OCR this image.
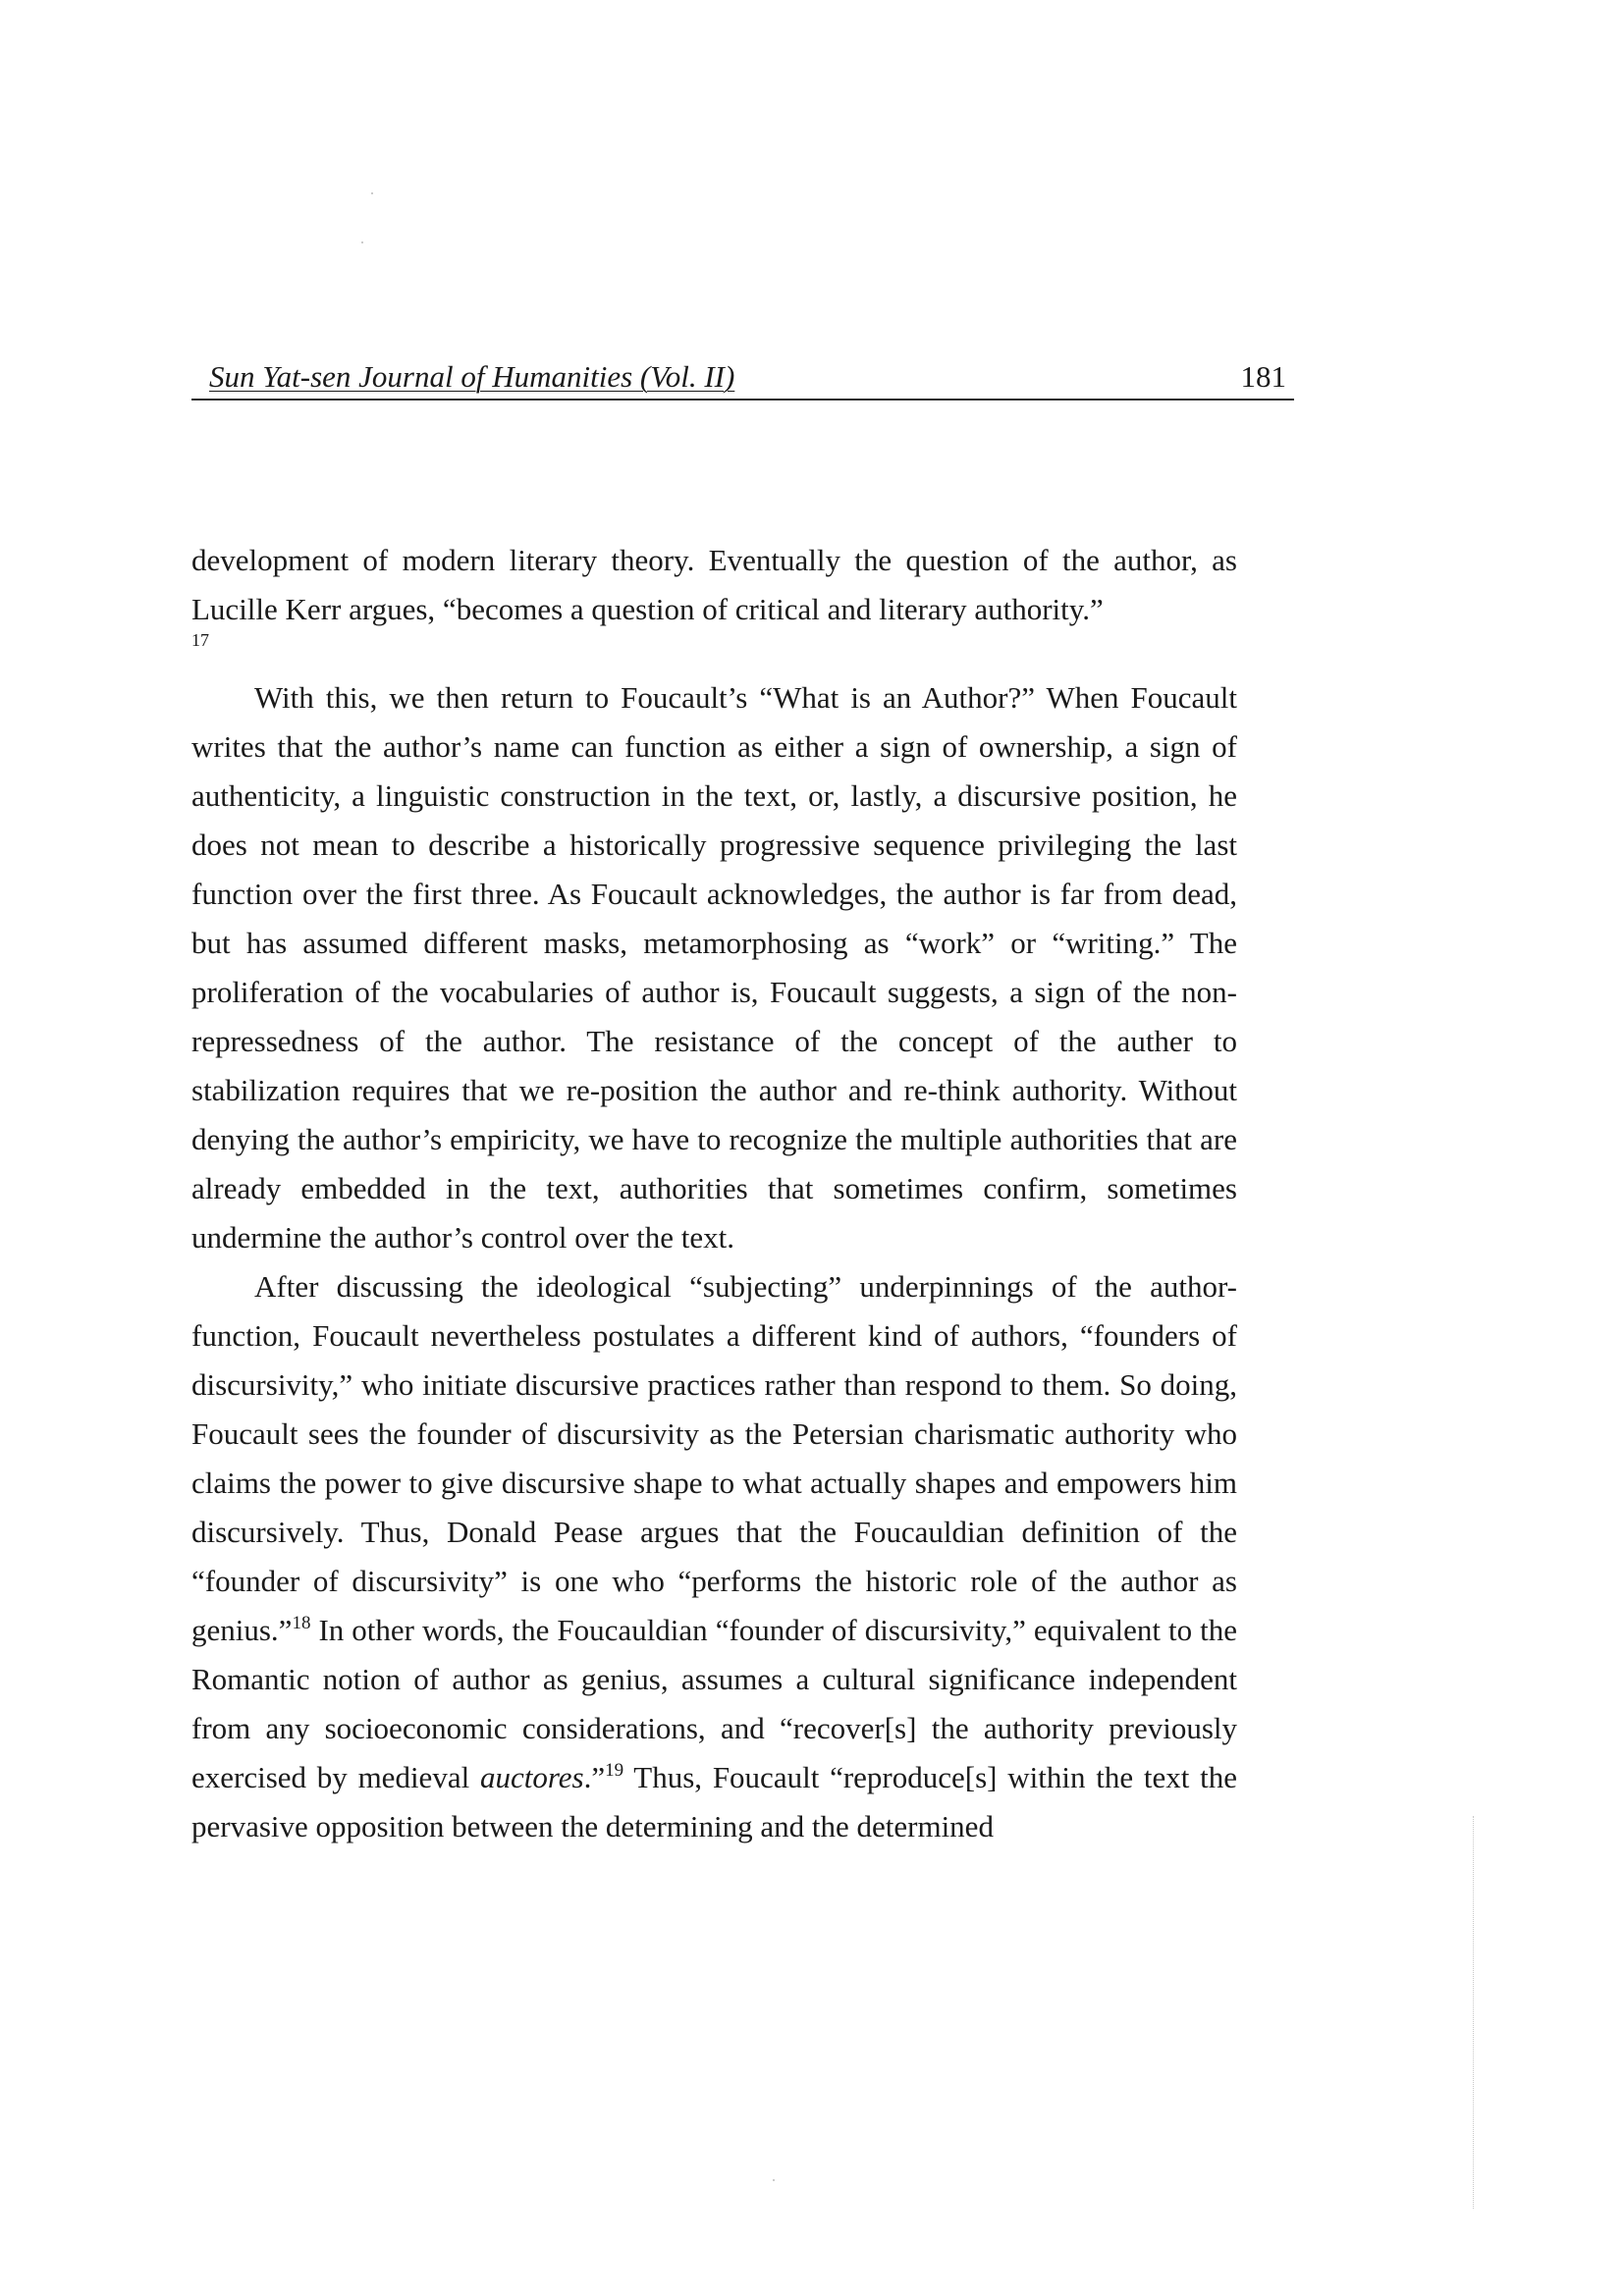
Sun Yat-sen Journal of Humanities (Vol. II)	181

development of modern literary theory. Eventually the question of the author, as Lucille Kerr argues, “becomes a question of critical and literary authority.”

17

With this, we then return to Foucault’s “What is an Author?” When Foucault writes that the author’s name can function as either a sign of ownership, a sign of authenticity, a linguistic construction in the text, or, lastly, a discursive position, he does not mean to describe a historically progressive sequence privileging the last function over the first three. As Foucault acknowledges, the author is far from dead, but has assumed different masks, metamorphosing as “work” or “writing.” The proliferation of the vocabularies of author is, Foucault suggests, a sign of the non-repressedness of the author. The resistance of the concept of the auther to stabilization requires that we re-position the author and re-think authority. Without denying the author’s empiricity, we have to recognize the multiple authorities that are already embedded in the text, authorities that sometimes confirm, sometimes undermine the author’s control over the text.

After discussing the ideological “subjecting” underpinnings of the author-function, Foucault nevertheless postulates a different kind of authors, “founders of discursivity,” who initiate discursive practices rather than respond to them. So doing, Foucault sees the founder of discursivity as the Petersian charismatic authority who claims the power to give discursive shape to what actually shapes and empowers him discursively. Thus, Donald Pease argues that the Foucauldian definition of the “founder of discursivity” is one who “performs the historic role of the author as genius.”$^{18}$ In other words, the Foucauldian “founder of discursivity,” equivalent to the Romantic notion of author as genius, assumes a cultural significance independent from any socioeconomic considerations, and “recover[s] the authority previously exercised by medieval auctores.”$^{19}$ Thus, Foucault “reproduce[s] within the text the pervasive opposition between the determining and the determined
